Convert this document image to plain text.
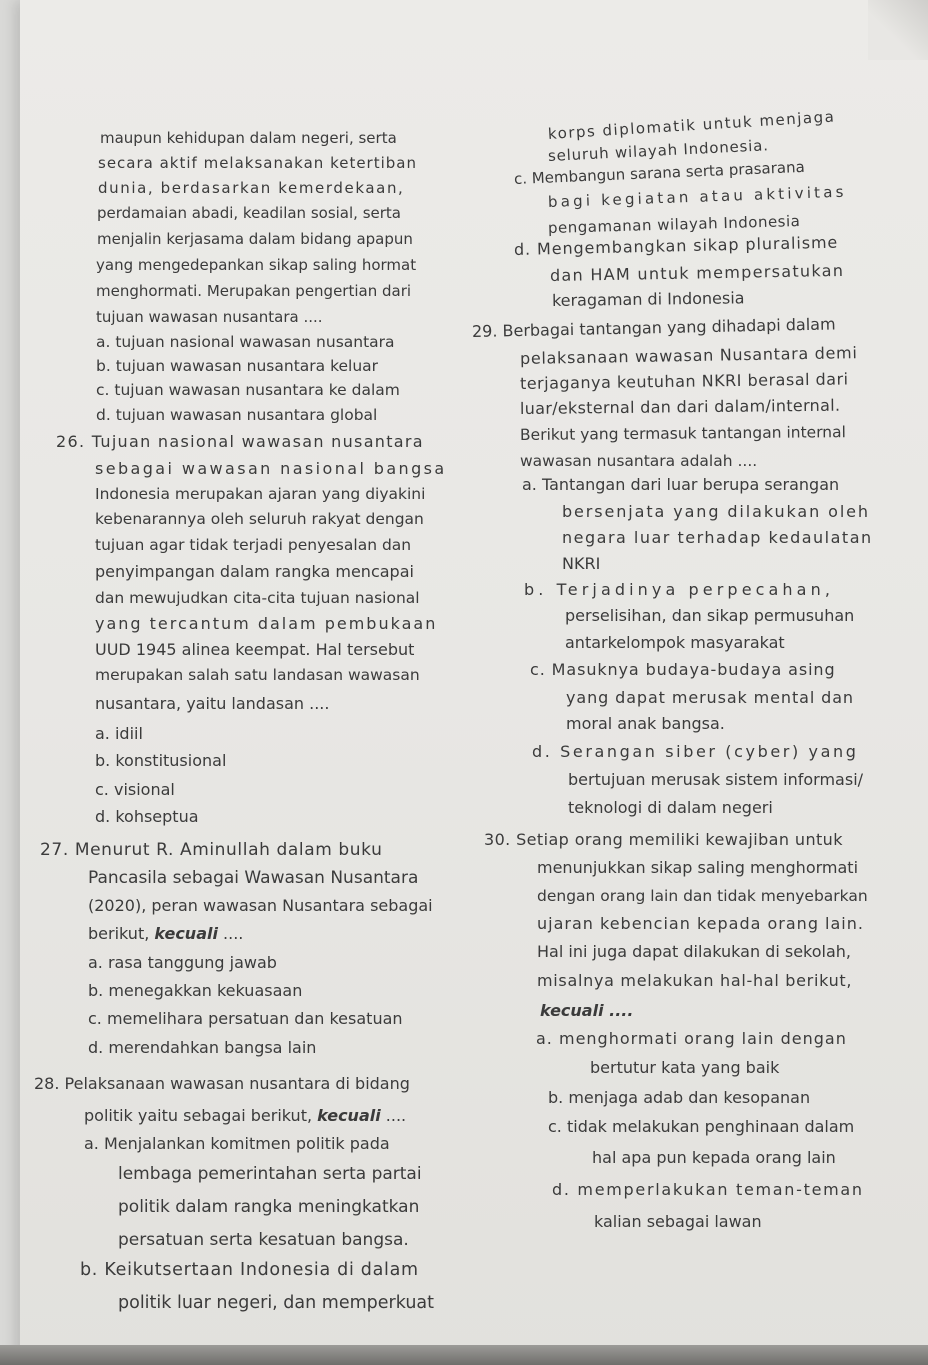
maupun kehidupan dalam negeri, serta
secara aktif melaksanakan ketertiban
dunia, berdasarkan kemerdekaan,
perdamaian abadi, keadilan sosial, serta
menjalin kerjasama dalam bidang apapun
yang mengedepankan sikap saling hormat
menghormati. Merupakan pengertian dari
tujuan wawasan nusantara ....
a. tujuan nasional wawasan nusantara
b. tujuan wawasan nusantara keluar
c. tujuan wawasan nusantara ke dalam
d. tujuan wawasan nusantara global
26. Tujuan nasional wawasan nusantara
sebagai wawasan nasional bangsa
Indonesia merupakan ajaran yang diyakini
kebenarannya oleh seluruh rakyat dengan
tujuan agar tidak terjadi penyesalan dan
penyimpangan dalam rangka mencapai
dan mewujudkan cita-cita tujuan nasional
yang tercantum dalam pembukaan
UUD 1945 alinea keempat. Hal tersebut
merupakan salah satu landasan wawasan
nusantara, yaitu landasan ....
a. idiil
b. konstitusional
c. visional
d. kohseptua
27. Menurut R. Aminullah dalam buku
Pancasila sebagai Wawasan Nusantara
(2020), peran wawasan Nusantara sebagai
berikut, kecuali ....
a. rasa tanggung jawab
b. menegakkan kekuasaan
c. memelihara persatuan dan kesatuan
d. merendahkan bangsa lain
28. Pelaksanaan wawasan nusantara di bidang
politik yaitu sebagai berikut, kecuali ....
a. Menjalankan komitmen politik pada
lembaga pemerintahan serta partai
politik dalam rangka meningkatkan
persatuan serta kesatuan bangsa.
b. Keikutsertaan Indonesia di dalam
politik luar negeri, dan memperkuat
korps diplomatik untuk menjaga
seluruh wilayah Indonesia.
c. Membangun sarana serta prasarana
bagi kegiatan atau aktivitas
pengamanan wilayah Indonesia
d. Mengembangkan sikap pluralisme
dan HAM untuk mempersatukan
keragaman di Indonesia
29. Berbagai tantangan yang dihadapi dalam
pelaksanaan wawasan Nusantara demi
terjaganya keutuhan NKRI berasal dari
luar/eksternal dan dari dalam/internal.
Berikut yang termasuk tantangan internal
wawasan nusantara adalah ....
a. Tantangan dari luar berupa serangan
bersenjata yang dilakukan oleh
negara luar terhadap kedaulatan
NKRI
b. Terjadinya perpecahan,
perselisihan, dan sikap permusuhan
antarkelompok masyarakat
c. Masuknya budaya-budaya asing
yang dapat merusak mental dan
moral anak bangsa.
d. Serangan siber (cyber) yang
bertujuan merusak sistem informasi/
teknologi di dalam negeri
30. Setiap orang memiliki kewajiban untuk
menunjukkan sikap saling menghormati
dengan orang lain dan tidak menyebarkan
ujaran kebencian kepada orang lain.
Hal ini juga dapat dilakukan di sekolah,
misalnya melakukan hal-hal berikut,
kecuali ....
a. menghormati orang lain dengan
bertutur kata yang baik
b. menjaga adab dan kesopanan
c. tidak melakukan penghinaan dalam
hal apa pun kepada orang lain
d. memperlakukan teman-teman
kalian sebagai lawan
